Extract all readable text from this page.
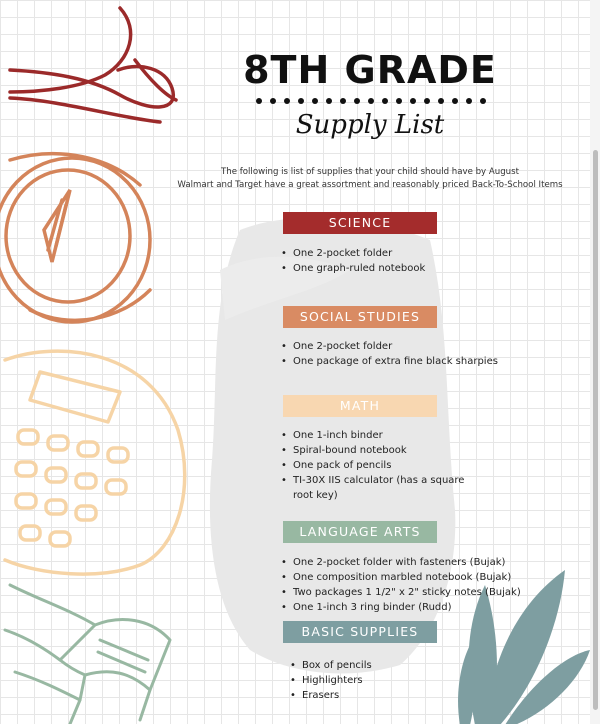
8TH GRADE
Supply List
The following is list of supplies that your child should have by August
Walmart and Target have a great assortment and reasonably priced Back-To-School Items
SCIENCE
• One 2-pocket folder
• One graph-ruled notebook
SOCIAL STUDIES
• One 2-pocket folder
• One package of extra fine black sharpies
MATH
• One 1-inch binder
• Spiral-bound notebook
• One pack of pencils
• TI-30X IIS calculator (has a square root key)
LANGUAGE ARTS
• One 2-pocket folder with fasteners (Bujak)
• One composition marbled notebook (Bujak)
• Two packages 1 1/2" x 2" sticky notes (Bujak)
• One 1-inch 3 ring binder (Rudd)
BASIC SUPPLIES
• Box of pencils
• Highlighters
• Erasers
